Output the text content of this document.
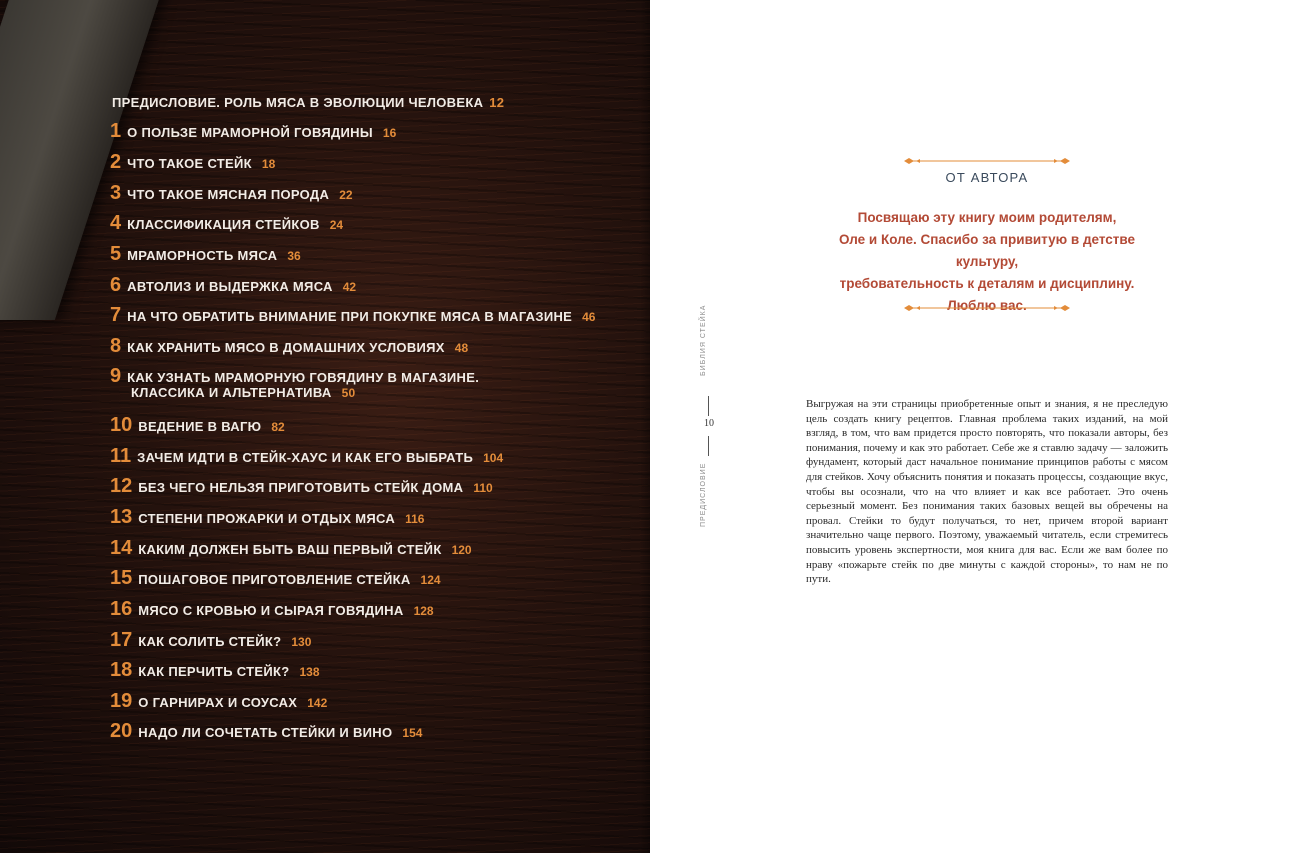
ПРЕДИСЛОВИЕ. РОЛЬ МЯСА В ЭВОЛЮЦИИ ЧЕЛОВЕКА 12
1 О ПОЛЬЗЕ МРАМОРНОЙ ГОВЯДИНЫ 16
2 ЧТО ТАКОЕ СТЕЙК 18
3 ЧТО ТАКОЕ МЯСНАЯ ПОРОДА 22
4 КЛАССИФИКАЦИЯ СТЕЙКОВ 24
5 МРАМОРНОСТЬ МЯСА 36
6 АВТОЛИЗ И ВЫДЕРЖКА МЯСА 42
7 НА ЧТО ОБРАТИТЬ ВНИМАНИЕ ПРИ ПОКУПКЕ МЯСА В МАГАЗИНЕ 46
8 КАК ХРАНИТЬ МЯСО В ДОМАШНИХ УСЛОВИЯХ 48
9 КАК УЗНАТЬ МРАМОРНУЮ ГОВЯДИНУ В МАГАЗИНЕ.
КЛАССИКА И АЛЬТЕРНАТИВА 50
10 ВЕДЕНИЕ В ВАГЮ 82
11 ЗАЧЕМ ИДТИ В СТЕЙК-ХАУС И КАК ЕГО ВЫБРАТЬ 104
12 БЕЗ ЧЕГО НЕЛЬЗЯ ПРИГОТОВИТЬ СТЕЙК ДОМА 110
13 СТЕПЕНИ ПРОЖАРКИ И ОТДЫХ МЯСА 116
14 КАКИМ ДОЛЖЕН БЫТЬ ВАШ ПЕРВЫЙ СТЕЙК 120
15 ПОШАГОВОЕ ПРИГОТОВЛЕНИЕ СТЕЙКА 124
16 МЯСО С КРОВЬЮ И СЫРАЯ ГОВЯДИНА 128
17 КАК СОЛИТЬ СТЕЙК? 130
18 КАК ПЕРЧИТЬ СТЕЙК? 138
19 О ГАРНИРАХ И СОУСАХ 142
20 НАДО ЛИ СОЧЕТАТЬ СТЕЙКИ И ВИНО 154
ОТ АВТОРА
Посвящаю эту книгу моим родителям,
Оле и Коле. Спасибо за привитую в детстве культуру,
требовательность к деталям и дисциплину.
Люблю вас.
БИБЛИЯ СТЕЙКА
10
ПРЕДИСЛОВИЕ

Выгружая на эти страницы приобретенные опыт и знания, я не преследую цель создать книгу рецептов. Главная проблема таких изданий, на мой взгляд, в том, что вам придется просто повторять, что показали авторы, без понимания, почему и как это работает. Себе же я ставлю задачу — заложить фундамент, который даст начальное понимание принципов работы с мясом для стейков. Хочу объяснить понятия и показать процессы, создающие вкус, чтобы вы осознали, что на что влияет и как все работает. Это очень серьезный момент. Без понимания таких базовых вещей вы обречены на провал. Стейки то будут получаться, то нет, причем второй вариант значительно чаще первого. Поэтому, уважаемый читатель, если стремитесь повысить уровень экспертности, моя книга для вас. Если же вам более по нраву «пожарьте стейк по две минуты с каждой стороны», то нам не по пути.
